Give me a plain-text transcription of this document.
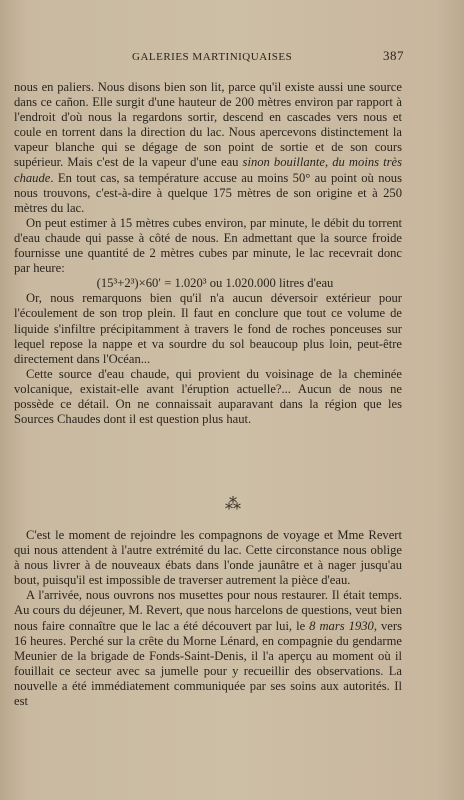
GALERIES MARTINIQUAISES	387

nous en paliers. Nous disons bien son lit, parce qu'il existe aussi une source dans ce cañon. Elle surgit d'une hauteur de 200 mètres environ par rapport à l'endroit d'où nous la regardons sortir, descend en cascades vers nous et coule en torrent dans la direction du lac. Nous apercevons distinctement la vapeur blanche qui se dégage de son point de sortie et de son cours supérieur. Mais c'est de la vapeur d'une eau sinon bouillante, du moins très chaude. En tout cas, sa température accuse au moins 50° au point où nous nous trouvons, c'est-à-dire à quelque 175 mètres de son origine et à 250 mètres du lac.

On peut estimer à 15 mètres cubes environ, par minute, le débit du torrent d'eau chaude qui passe à côté de nous. En admettant que la source froide fournisse une quantité de 2 mètres cubes par minute, le lac recevrait donc par heure:

(15³+2³)×60′ = 1.020³ ou 1.020.000 litres d'eau

Or, nous remarquons bien qu'il n'a aucun déversoir extérieur pour l'écoulement de son trop plein. Il faut en conclure que tout ce volume de liquide s'infiltre précipitamment à travers le fond de roches ponceuses sur lequel repose la nappe et va sourdre du sol beaucoup plus loin, peut-être directement dans l'Océan...

Cette source d'eau chaude, qui provient du voisinage de la cheminée volcanique, existait-elle avant l'éruption actuelle?... Aucun de nous ne possède ce détail. On ne connaissait auparavant dans la région que les Sources Chaudes dont il est question plus haut.

⁂

C'est le moment de rejoindre les compagnons de voyage et Mme Revert qui nous attendent à l'autre extrémité du lac. Cette circonstance nous oblige à nous livrer à de nouveaux ébats dans l'onde jaunâtre et à nager jusqu'au bout, puisqu'il est impossible de traverser autrement la pièce d'eau.

A l'arrivée, nous ouvrons nos musettes pour nous restaurer. Il était temps. Au cours du déjeuner, M. Revert, que nous harcelons de questions, veut bien nous faire connaître que le lac a été découvert par lui, le 8 mars 1930, vers 16 heures. Perché sur la crête du Morne Lénard, en compagnie du gendarme Meunier de la brigade de Fonds-Saint-Denis, il l'a aperçu au moment où il fouillait ce secteur avec sa jumelle pour y recueillir des observations. La nouvelle a été immédiatement communiquée par ses soins aux autorités. Il est
